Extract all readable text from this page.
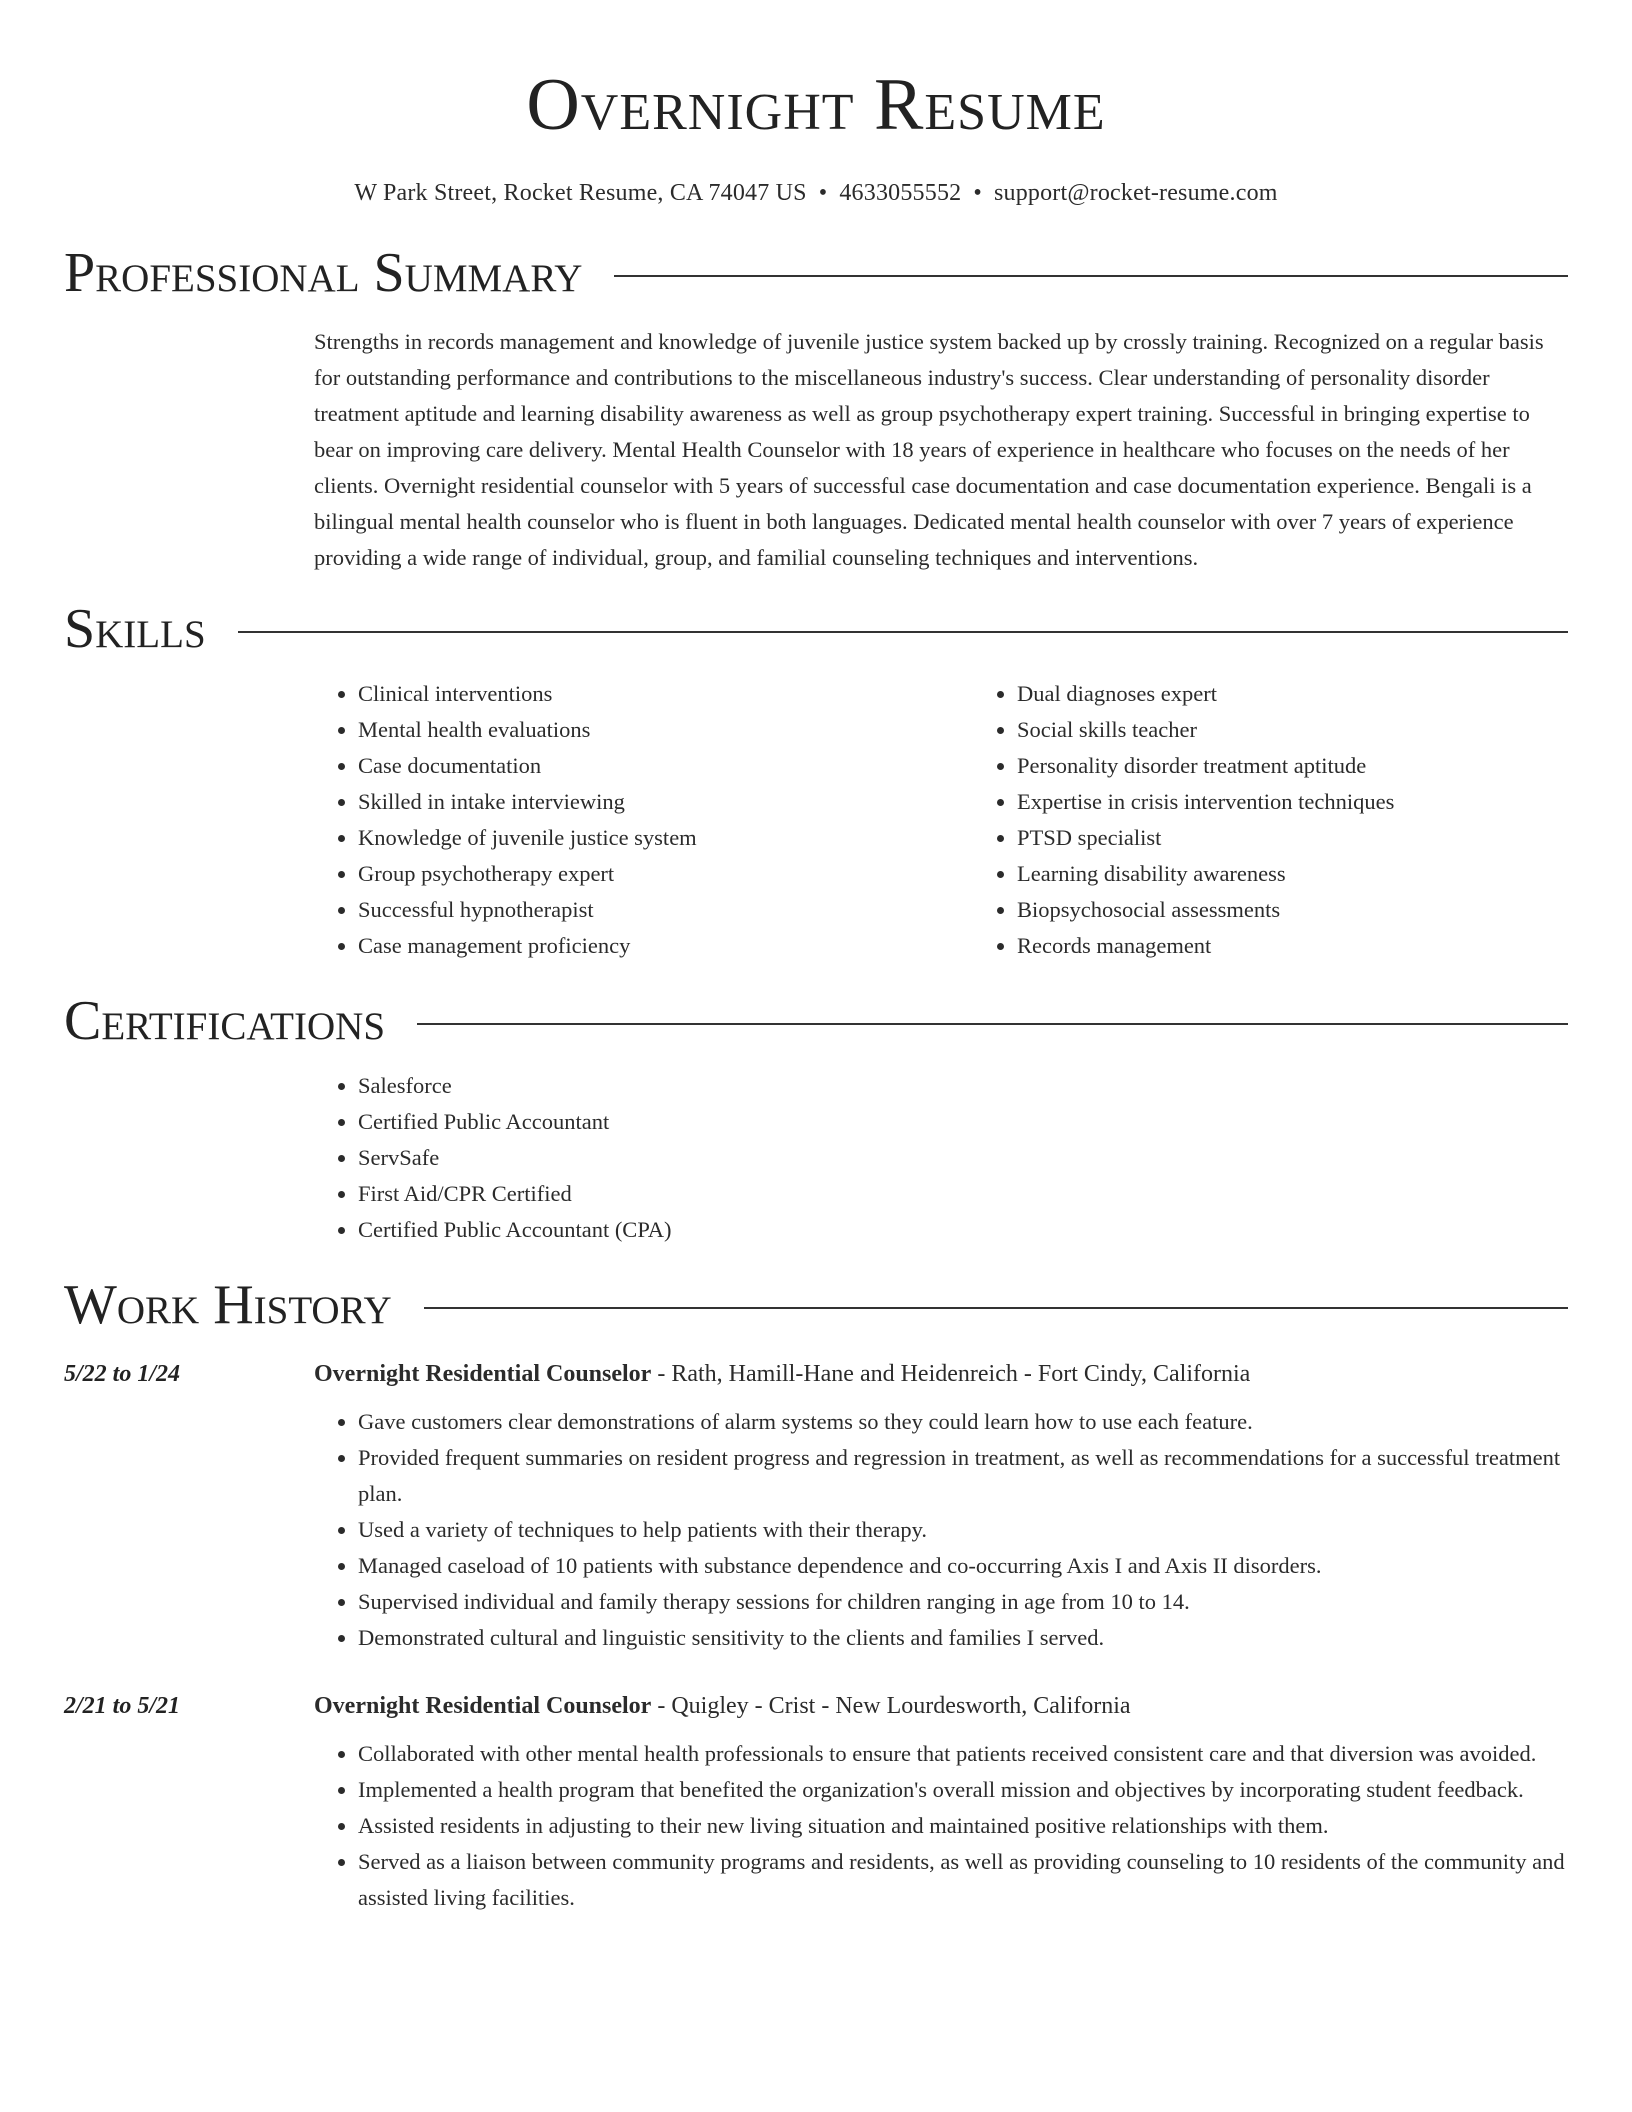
Overnight Resume
W Park Street, Rocket Resume, CA 74047 US • 4633055552 • support@rocket-resume.com
Professional Summary

Strengths in records management and knowledge of juvenile justice system backed up by crossly training. Recognized on a regular basis for outstanding performance and contributions to the miscellaneous industry's success. Clear understanding of personality disorder treatment aptitude and learning disability awareness as well as group psychotherapy expert training. Successful in bringing expertise to bear on improving care delivery. Mental Health Counselor with 18 years of experience in healthcare who focuses on the needs of her clients. Overnight residential counselor with 5 years of successful case documentation and case documentation experience. Bengali is a bilingual mental health counselor who is fluent in both languages. Dedicated mental health counselor with over 7 years of experience providing a wide range of individual, group, and familial counseling techniques and interventions.

Skills
• Clinical interventions
• Mental health evaluations
• Case documentation
• Skilled in intake interviewing
• Knowledge of juvenile justice system
• Group psychotherapy expert
• Successful hypnotherapist
• Case management proficiency
• Dual diagnoses expert
• Social skills teacher
• Personality disorder treatment aptitude
• Expertise in crisis intervention techniques
• PTSD specialist
• Learning disability awareness
• Biopsychosocial assessments
• Records management
Certifications
• Salesforce
• Certified Public Accountant
• ServSafe
• First Aid/CPR Certified
• Certified Public Accountant (CPA)
Work History
5/22 to 1/24	Overnight Residential Counselor - Rath, Hamill-Hane and Heidenreich - Fort Cindy, California
• Gave customers clear demonstrations of alarm systems so they could learn how to use each feature.
• Provided frequent summaries on resident progress and regression in treatment, as well as recommendations for a successful treatment plan.
• Used a variety of techniques to help patients with their therapy.
• Managed caseload of 10 patients with substance dependence and co-occurring Axis I and Axis II disorders.
• Supervised individual and family therapy sessions for children ranging in age from 10 to 14.
• Demonstrated cultural and linguistic sensitivity to the clients and families I served.
2/21 to 5/21	Overnight Residential Counselor - Quigley - Crist - New Lourdesworth, California
• Collaborated with other mental health professionals to ensure that patients received consistent care and that diversion was avoided.
• Implemented a health program that benefited the organization's overall mission and objectives by incorporating student feedback.
• Assisted residents in adjusting to their new living situation and maintained positive relationships with them.
• Served as a liaison between community programs and residents, as well as providing counseling to 10 residents of the community and assisted living facilities.
